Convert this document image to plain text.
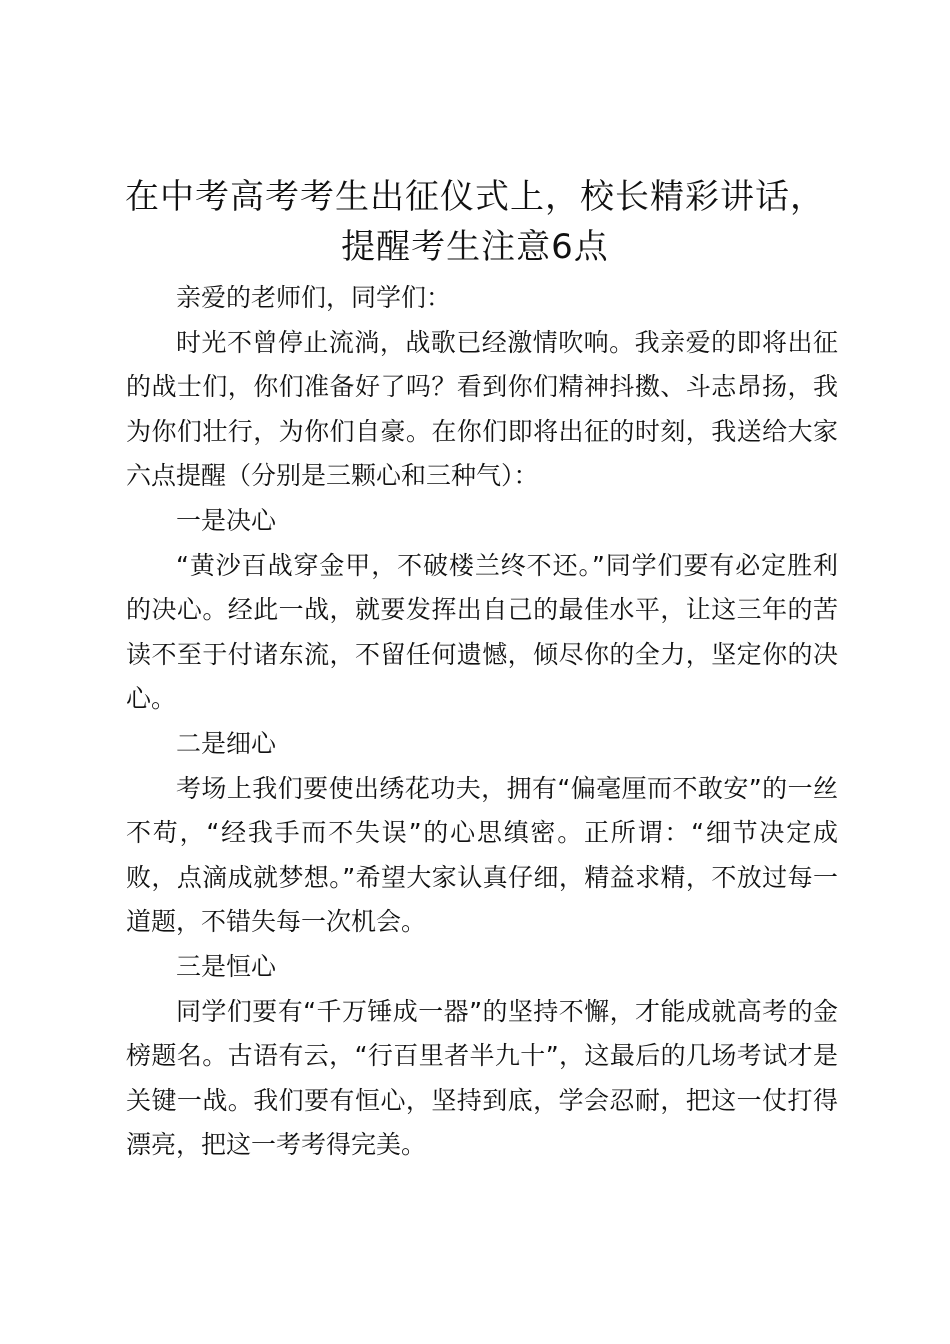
在中考高考考生出征仪式上，校长精彩讲话，
提醒考生注意6点

亲爱的老师们，同学们：

时光不曾停止流淌，战歌已经激情吹响。我亲爱的即将出征的战士们，你们准备好了吗？看到你们精神抖擞、斗志昂扬，我为你们壮行，为你们自豪。在你们即将出征的时刻，我送给大家六点提醒（分别是三颗心和三种气）：

一是决心

“黄沙百战穿金甲，不破楼兰终不还。”同学们要有必定胜利的决心。经此一战，就要发挥出自己的最佳水平，让这三年的苦读不至于付诸东流，不留任何遗憾，倾尽你的全力，坚定你的决心。

二是细心

考场上我们要使出绣花功夫，拥有“偏毫厘而不敢安”的一丝不苟，“经我手而不失误”的心思缜密。正所谓：“细节决定成败，点滴成就梦想。”希望大家认真仔细，精益求精，不放过每一道题，不错失每一次机会。

三是恒心

同学们要有“千万锤成一器”的坚持不懈，才能成就高考的金榜题名。古语有云，“行百里者半九十”，这最后的几场考试才是关键一战。我们要有恒心，坚持到底，学会忍耐，把这一仗打得漂亮，把这一考考得完美。
